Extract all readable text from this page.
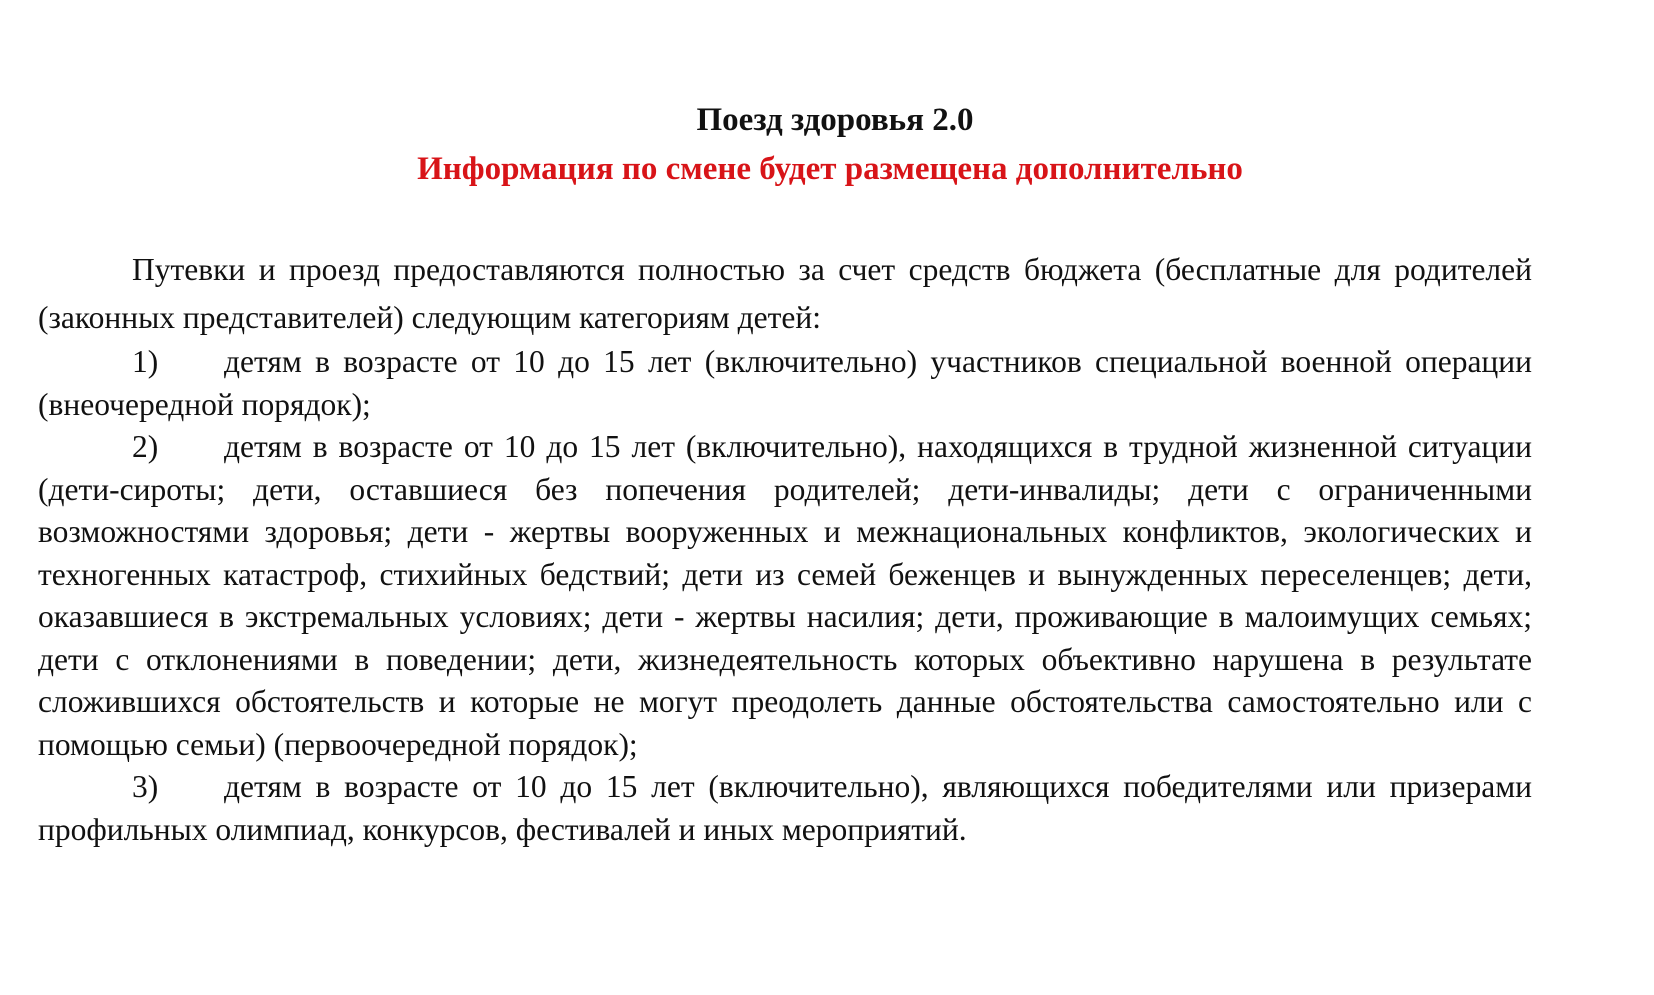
Поезд здоровья 2.0
Информация по смене будет размещена дополнительно

Путевки и проезд предоставляются полностью за счет средств бюджета (бесплатные для родителей (законных представителей) следующим категориям детей:

1) детям в возрасте от 10 до 15 лет (включительно) участников специальной военной операции (внеочередной порядок);

2) детям в возрасте от 10 до 15 лет (включительно), находящихся в трудной жизненной ситуации (дети-сироты; дети, оставшиеся без попечения родителей; дети-инвалиды; дети с ограниченными возможностями здоровья; дети - жертвы вооруженных и межнациональных конфликтов, экологических и техногенных катастроф, стихийных бедствий; дети из семей беженцев и вынужденных переселенцев; дети, оказавшиеся в экстремальных условиях; дети - жертвы насилия; дети, проживающие в малоимущих семьях; дети с отклонениями в поведении; дети, жизнедеятельность которых объективно нарушена в результате сложившихся обстоятельств и которые не могут преодолеть данные обстоятельства самостоятельно или с помощью семьи) (первоочередной порядок);

3) детям в возрасте от 10 до 15 лет (включительно), являющихся победителями или призерами профильных олимпиад, конкурсов, фестивалей и иных мероприятий.
